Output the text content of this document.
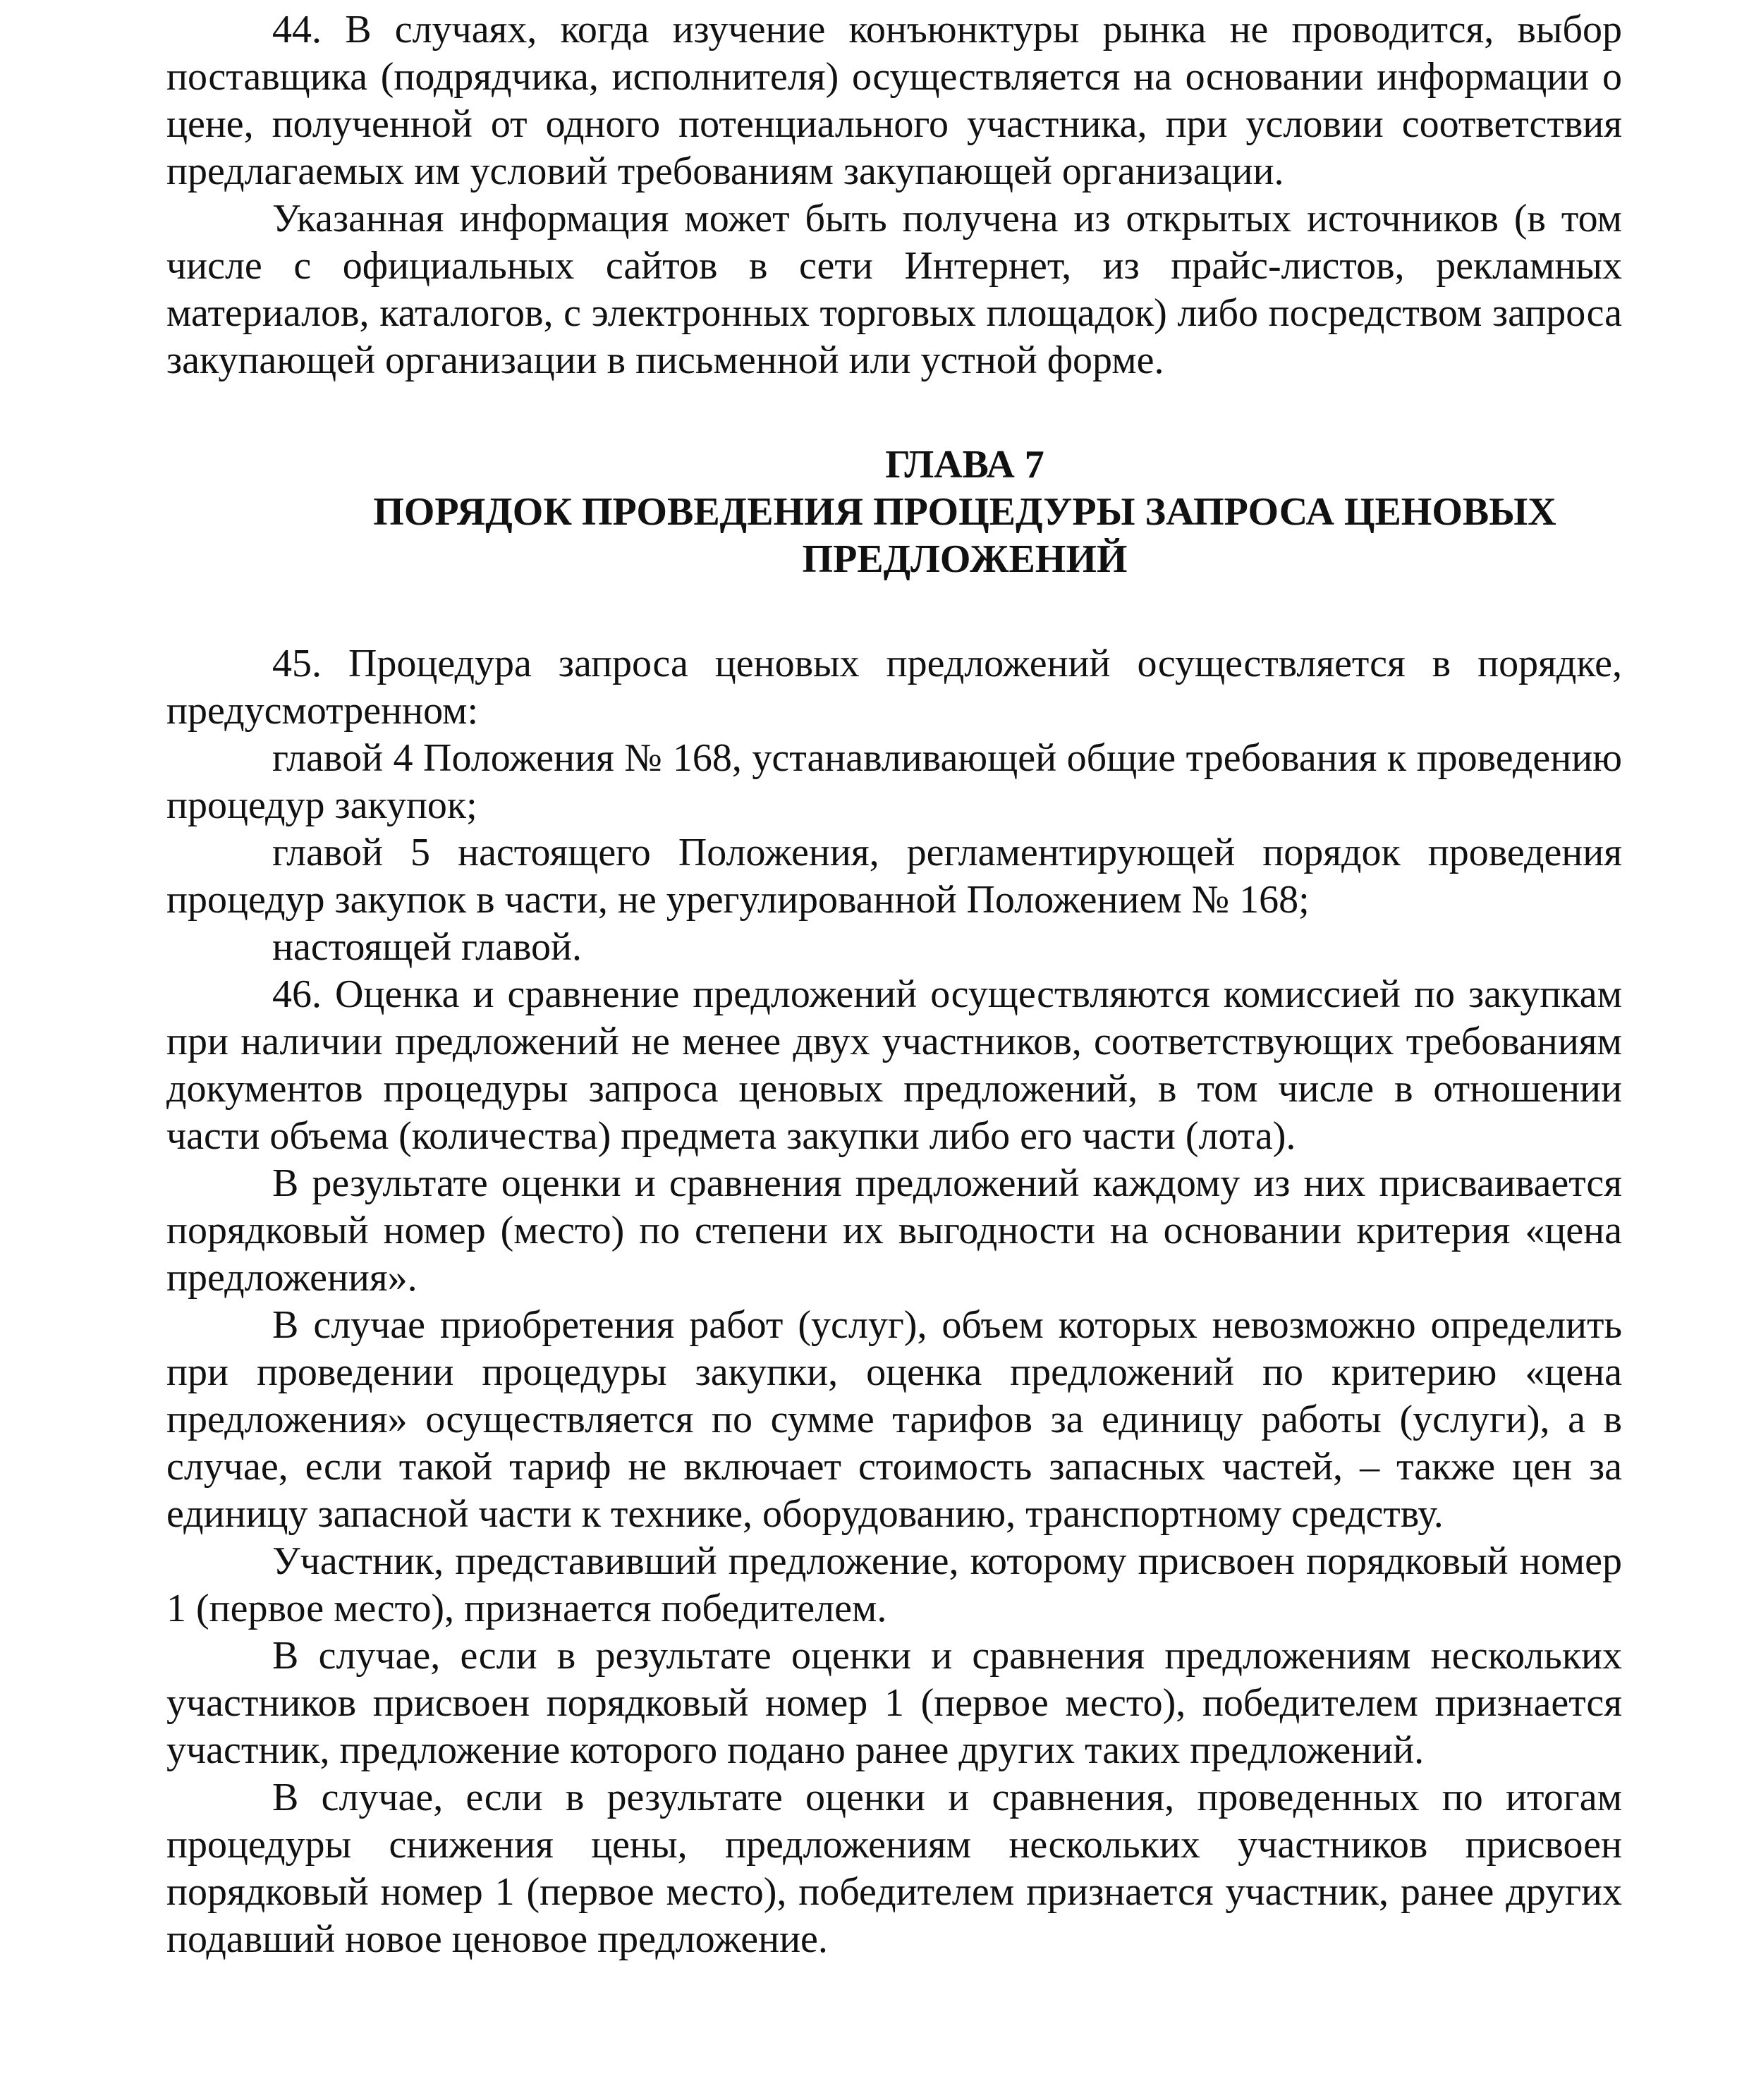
44. В случаях, когда изучение конъюнктуры рынка не проводится, выбор поставщика (подрядчика, исполнителя) осуществляется на основании информации о цене, полученной от одного потенциального участника, при условии соответствия предлагаемых им условий требованиям закупающей организации.

Указанная информация может быть получена из открытых источников (в том числе с официальных сайтов в сети Интернет, из прайс-листов, рекламных материалов, каталогов, с электронных торговых площадок) либо посредством запроса закупающей организации в письменной или устной форме.

ГЛАВА 7
ПОРЯДОК ПРОВЕДЕНИЯ ПРОЦЕДУРЫ ЗАПРОСА ЦЕНОВЫХ
ПРЕДЛОЖЕНИЙ

45. Процедура запроса ценовых предложений осуществляется в порядке, предусмотренном:

главой 4 Положения № 168, устанавливающей общие требования к проведению процедур закупок;

главой 5 настоящего Положения, регламентирующей порядок проведения процедур закупок в части, не урегулированной Положением № 168;

настоящей главой.

46. Оценка и сравнение предложений осуществляются комиссией по закупкам при наличии предложений не менее двух участников, соответствующих требованиям документов процедуры запроса ценовых предложений, в том числе в отношении части объема (количества) предмета закупки либо его части (лота).

В результате оценки и сравнения предложений каждому из них присваивается порядковый номер (место) по степени их выгодности на основании критерия «цена предложения».

В случае приобретения работ (услуг), объем которых невозможно определить при проведении процедуры закупки, оценка предложений по критерию «цена предложения» осуществляется по сумме тарифов за единицу работы (услуги), а в случае, если такой тариф не включает стоимость запасных частей, – также цен за единицу запасной части к технике, оборудованию, транспортному средству.

Участник, представивший предложение, которому присвоен порядковый номер 1 (первое место), признается победителем.

В случае, если в результате оценки и сравнения предложениям нескольких участников присвоен порядковый номер 1 (первое место), победителем признается участник, предложение которого подано ранее других таких предложений.

В случае, если в результате оценки и сравнения, проведенных по итогам процедуры снижения цены, предложениям нескольких участников присвоен порядковый номер 1 (первое место), победителем признается участник, ранее других подавший новое ценовое предложение.
